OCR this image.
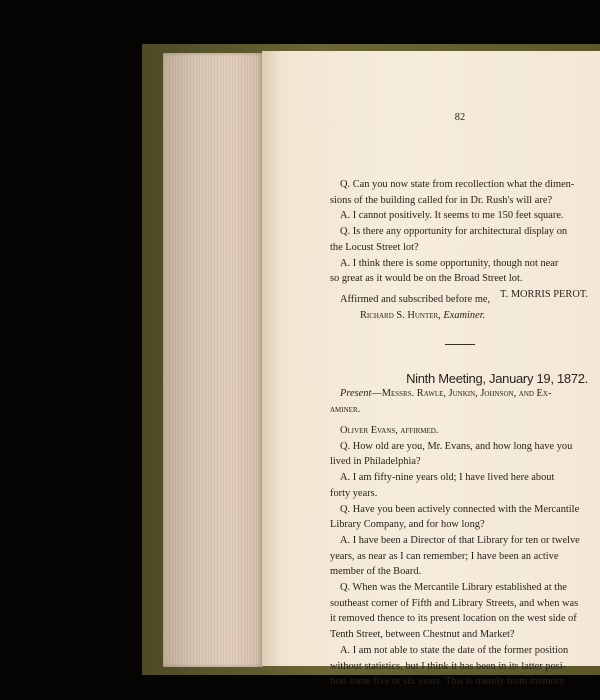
82

Q. Can you now state from recollection what the dimen-

sions of the building called for in Dr. Rush's will are?

A. I cannot positively. It seems to me 150 feet square.

Q. Is there any opportunity for architectural display on

the Locust Street lot?

A. I think there is some opportunity, though not near

so great as it would be on the Broad Street lot.

T. MORRIS PEROT.

Affirmed and subscribed before me,

Richard S. Hunter, Examiner.

Ninth Meeting, January 19, 1872.

Present—Messrs. Rawle, Junkin, Johnson, and Ex-

aminer.

Oliver Evans, affirmed.

Q. How old are you, Mr. Evans, and how long have you

lived in Philadelphia?

A. I am fifty-nine years old; I have lived here about

forty years.

Q. Have you been actively connected with the Mercantile

Library Company, and for how long?

A. I have been a Director of that Library for ten or twelve

years, as near as I can remember; I have been an active

member of the Board.

Q. When was the Mercantile Library established at the

southeast corner of Fifth and Library Streets, and when was

it removed thence to its present location on the west side of

Tenth Street, between Chestnut and Market?

A. I am not able to state the date of the former position

without statistics, but I think it has been in its latter posi-

tion some five or six years. This is merely from memory.
